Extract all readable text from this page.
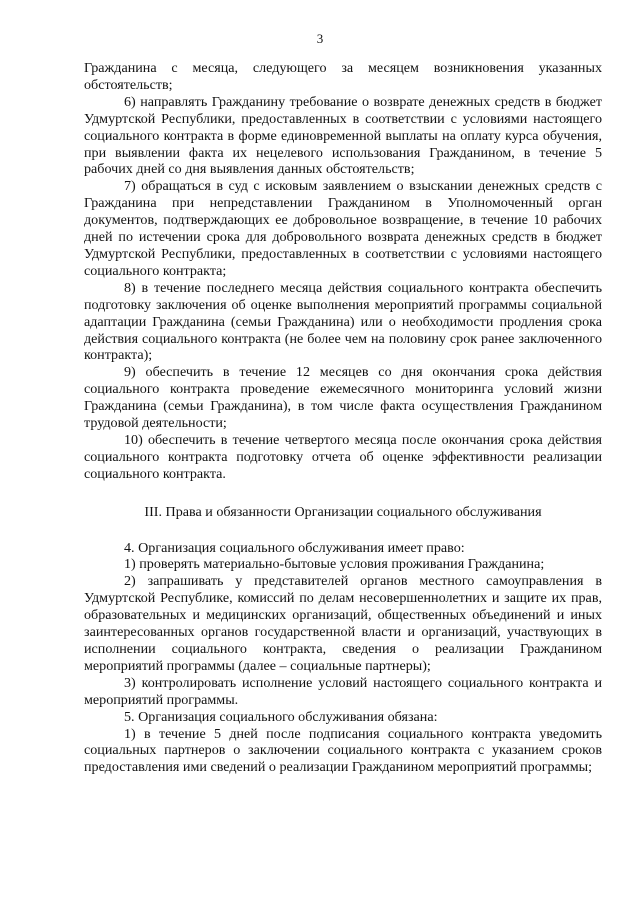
3

Гражданина с месяца, следующего за месяцем возникновения указанных обстоятельств;

6) направлять Гражданину требование о возврате денежных средств в бюджет Удмуртской Республики, предоставленных в соответствии с условиями настоящего социального контракта в форме единовременной выплаты на оплату курса обучения, при выявлении факта их нецелевого использования Гражданином, в течение 5 рабочих дней со дня выявления данных обстоятельств;

7) обращаться в суд с исковым заявлением о взыскании денежных средств с Гражданина при непредставлении Гражданином в Уполномоченный орган документов, подтверждающих ее добровольное возвращение, в течение 10 рабочих дней по истечении срока для добровольного возврата денежных средств в бюджет Удмуртской Республики, предоставленных в соответствии с условиями настоящего социального контракта;

8) в течение последнего месяца действия социального контракта обеспечить подготовку заключения об оценке выполнения мероприятий программы социальной адаптации Гражданина (семьи Гражданина) или о необходимости продления срока действия социального контракта (не более чем на половину срок ранее заключенного контракта);

9) обеспечить в течение 12 месяцев со дня окончания срока действия социального контракта проведение ежемесячного мониторинга условий жизни Гражданина (семьи Гражданина), в том числе факта осуществления Гражданином трудовой деятельности;

10) обеспечить в течение четвертого месяца после окончания срока действия социального контракта подготовку отчета об оценке эффективности реализации социального контракта.

III. Права и обязанности Организации социального обслуживания

4. Организация социального обслуживания имеет право:

1) проверять материально-бытовые условия проживания Гражданина;

2) запрашивать у представителей органов местного самоуправления в Удмуртской Республике, комиссий по делам несовершеннолетних и защите их прав, образовательных и медицинских организаций, общественных объединений и иных заинтересованных органов государственной власти и организаций, участвующих в исполнении социального контракта, сведения о реализации Гражданином мероприятий программы (далее – социальные партнеры);

3) контролировать исполнение условий настоящего социального контракта и мероприятий программы.

5. Организация социального обслуживания обязана:

1) в течение 5 дней после подписания социального контракта уведомить социальных партнеров о заключении социального контракта с указанием сроков предоставления ими сведений о реализации Гражданином мероприятий программы;
